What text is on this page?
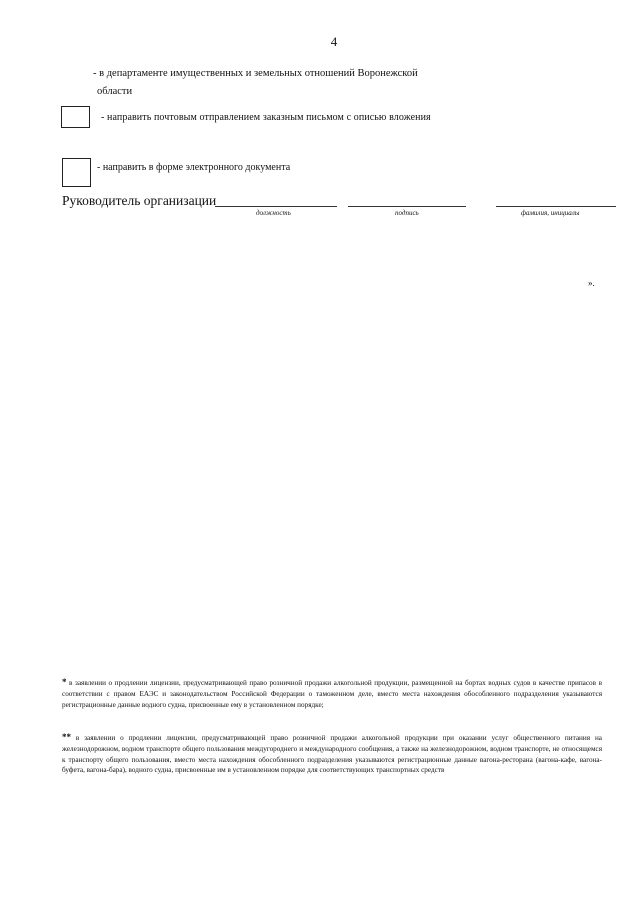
4
- в департаменте имущественных и земельных отношений Воронежской
области
- направить почтовым отправлением заказным письмом с описью вложения
- направить в форме электронного документа
Руководитель организации
должность	подпись	фамилия, инициалы
».
* в заявлении о продлении лицензии, предусматривающей право розничной продажи алкогольной продукции, размещенной на бортах водных судов в качестве припасов в соответствии с правом ЕАЭС и законодательством Российской Федерации о таможенном деле, вместо места нахождения обособленного подразделения указываются регистрационные данные водного судна, присвоенные ему в установленном порядке;
** в заявлении о продлении лицензии, предусматривающей право розничной продажи алкогольной продукции при оказании услуг общественного питания на железнодорожном, водном транспорте общего пользования междугороднего и международного сообщения, а также на железнодорожном, водном транспорте, не относящемся к транспорту общего пользования, вместо места нахождения обособленного подразделения указываются регистрационные данные вагона-ресторана (вагона-кафе, вагона-буфета, вагона-бара), водного судна, присвоенные им в установленном порядке для соответствующих транспортных средств
